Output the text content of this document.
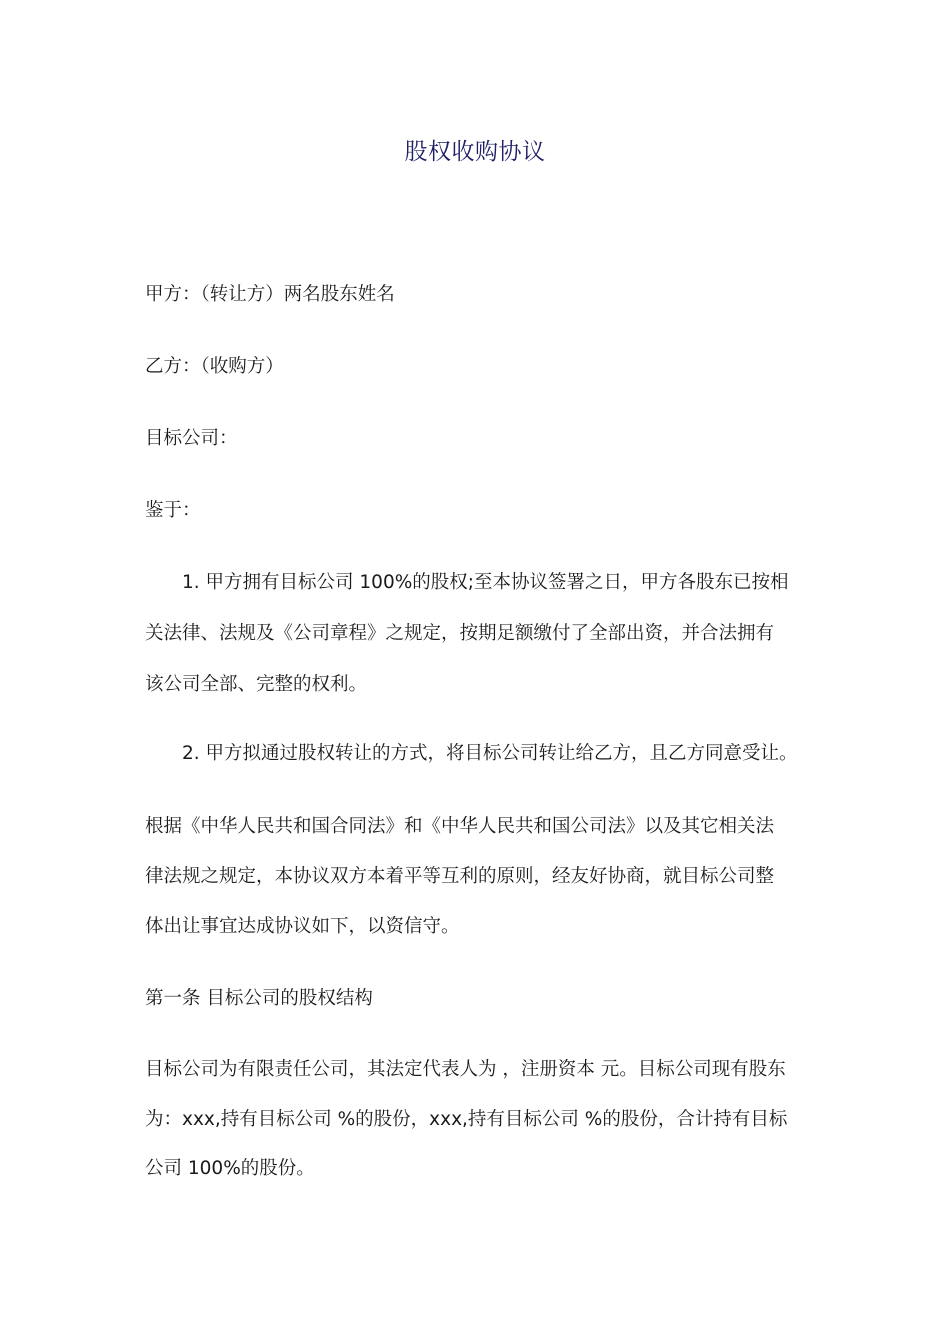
股权收购协议
甲方：（转让方）两名股东姓名
乙方：（收购方）
目标公司：
鉴于：
1. 甲方拥有目标公司 100%的股权;至本协议签署之日，甲方各股东已按相
关法律、法规及《公司章程》之规定，按期足额缴付了全部出资，并合法拥有
该公司全部、完整的权利。
2. 甲方拟通过股权转让的方式，将目标公司转让给乙方，且乙方同意受让。
根据《中华人民共和国合同法》和《中华人民共和国公司法》以及其它相关法
律法规之规定，本协议双方本着平等互利的原则，经友好协商，就目标公司整
体出让事宜达成协议如下，以资信守。
第一条 目标公司的股权结构
目标公司为有限责任公司，其法定代表人为 ，注册资本 元。目标公司现有股东
为：xxx,持有目标公司 %的股份，xxx,持有目标公司 %的股份，合计持有目标
公司 100%的股份。
